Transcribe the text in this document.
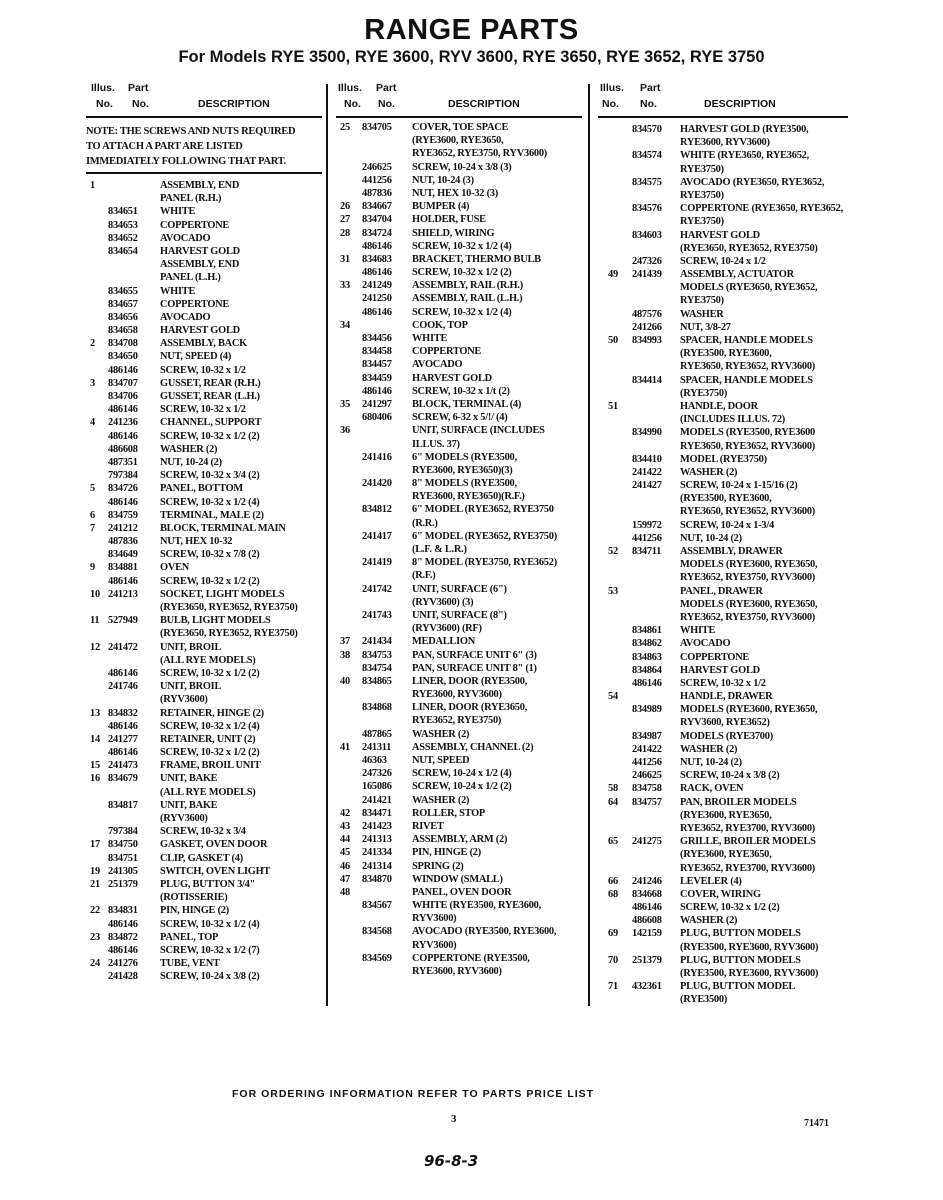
RANGE PARTS
For Models RYE 3500, RYE 3600, RYV 3600, RYE 3650, RYE 3652, RYE 3750
Illus. Part
No. No.	DESCRIPTION
NOTE: THE SCREWS AND NUTS REQUIRED
TO ATTACH A PART ARE LISTED
IMMEDIATELY FOLLOWING THAT PART.
1	ASSEMBLY, END
PANEL (R.H.)
834651 WHITE
834653 COPPERTONE
834652 AVOCADO
834654 HARVEST GOLD
ASSEMBLY, END
PANEL (L.H.)
834655 WHITE
834657 COPPERTONE
834656 AVOCADO
834658 HARVEST GOLD
2 834708 ASSEMBLY, BACK
834650 NUT, SPEED (4)
486146 SCREW, 10-32 x 1/2
3 834707 GUSSET, REAR (R.H.)
834706 GUSSET, REAR (L.H.)
486146 SCREW, 10-32 x 1/2
4 241236 CHANNEL, SUPPORT
486146 SCREW, 10-32 x 1/2 (2)
486608 WASHER (2)
487351 NUT, 10-24 (2)
797384 SCREW, 10-32 x 3/4 (2)
5 834726 PANEL, BOTTOM
486146 SCREW, 10-32 x 1/2 (4)
6 834759 TERMINAL, MALE (2)
7 241212 BLOCK, TERMINAL MAIN
487836 NUT, HEX 10-32
834649 SCREW, 10-32 x 7/8 (2)
9 834881 OVEN
486146 SCREW, 10-32 x 1/2 (2)
10 241213 SOCKET, LIGHT MODELS
(RYE3650, RYE3652, RYE3750)
11 527949 BULB, LIGHT MODELS
(RYE3650, RYE3652, RYE3750)
12 241472 UNIT, BROIL
(ALL RYE MODELS)
486146 SCREW, 10-32 x 1/2 (2)
241746 UNIT, BROIL
(RYV3600)
13 834832 RETAINER, HINGE (2)
486146 SCREW, 10-32 x 1/2 (4)
14 241277 RETAINER, UNIT (2)
486146 SCREW, 10-32 x 1/2 (2)
15 241473 FRAME, BROIL UNIT
16 834679 UNIT, BAKE
(ALL RYE MODELS)
834817 UNIT, BAKE
(RYV3600)
797384 SCREW, 10-32 x 3/4
17 834750 GASKET, OVEN DOOR
834751 CLIP, GASKET (4)
19 241305 SWITCH, OVEN LIGHT
21 251379 PLUG, BUTTON 3/4"
(ROTISSERIE)
22 834831 PIN, HINGE (2)
486146 SCREW, 10-32 x 1/2 (4)
23 834872 PANEL, TOP
486146 SCREW, 10-32 x 1/2 (7)
24 241276 TUBE, VENT
241428 SCREW, 10-24 x 3/8 (2)
Illus. Part
No. No.	DESCRIPTION
25 834705 COVER, TOE SPACE
(RYE3600, RYE3650,
RYE3652, RYE3750, RYV3600)
246625 SCREW, 10-24 x 3/8 (3)
441256 NUT, 10-24 (3)
487836 NUT, HEX 10-32 (3)
26 834667 BUMPER (4)
27 834704 HOLDER, FUSE
28 834724 SHIELD, WIRING
486146 SCREW, 10-32 x 1/2 (4)
31 834683 BRACKET, THERMO BULB
486146 SCREW, 10-32 x 1/2 (2)
33 241249 ASSEMBLY, RAIL (R.H.)
241250 ASSEMBLY, RAIL (L.H.)
486146 SCREW, 10-32 x 1/2 (4)
34	COOK, TOP
834456 WHITE
834458 COPPERTONE
834457 AVOCADO
834459 HARVEST GOLD
486146 SCREW, 10-32 x 1/t (2)
35 241297 BLOCK, TERMINAL (4)
680406 SCREW, 6-32 x 5/!/ (4)
36	UNIT, SURFACE (INCLUDES
ILLUS. 37)
241416 6" MODELS (RYE3500,
RYE3600, RYE3650)(3)
241420 8" MODELS (RYE3500,
RYE3600, RYE3650)(R.F.)
834812 6" MODEL (RYE3652, RYE3750
(R.R.)
241417 6" MODEL (RYE3652, RYE3750)
(L.F. & L.R.)
241419 8" MODEL (RYE3750, RYE3652)
(R.F.)
241742 UNIT, SURFACE (6")
(RYV3600) (3)
241743 UNIT, SURFACE (8")
(RYV3600) (RF)
37 241434 MEDALLION
38 834753 PAN, SURFACE UNIT 6" (3)
834754 PAN, SURFACE UNIT 8" (1)
40 834865 LINER, DOOR (RYE3500,
RYE3600, RYV3600)
834868 LINER, DOOR (RYE3650,
RYE3652, RYE3750)
487865 WASHER (2)
41 241311 ASSEMBLY, CHANNEL (2)
46363 NUT, SPEED
247326 SCREW, 10-24 x 1/2 (4)
165086 SCREW, 10-24 x 1/2 (2)
241421 WASHER (2)
42 834471 ROLLER, STOP
43 241423 RIVET
44 241313 ASSEMBLY, ARM (2)
45 241334 PIN, HINGE (2)
46 241314 SPRING (2)
47 834870 WINDOW (SMALL)
48	PANEL, OVEN DOOR
834567 WHITE (RYE3500, RYE3600,
RYV3600)
834568 AVOCADO (RYE3500, RYE3600,
RYV3600)
834569 COPPERTONE (RYE3500,
RYE3600, RYV3600)
Illus. Part
No. No.	DESCRIPTION
834570 HARVEST GOLD (RYE3500,
RYE3600, RYV3600)
834574 WHITE (RYE3650, RYE3652,
RYE3750)
834575 AVOCADO (RYE3650, RYE3652,
RYE3750)
834576 COPPERTONE (RYE3650, RYE3652,
RYE3750)
834603 HARVEST GOLD
(RYE3650, RYE3652, RYE3750)
247326 SCREW, 10-24 x 1/2
49 241439 ASSEMBLY, ACTUATOR
MODELS (RYE3650, RYE3652,
RYE3750)
487576 WASHER
241266 NUT, 3/8-27
50 834993 SPACER, HANDLE MODELS
(RYE3500, RYE3600,
RYE3650, RYE3652, RYV3600)
834414 SPACER, HANDLE MODELS
(RYE3750)
51	HANDLE, DOOR
(INCLUDES ILLUS. 72)
834990 MODELS (RYE3500, RYE3600
RYE3650, RYE3652, RYV3600)
834410 MODEL (RYE3750)
241422 WASHER (2)
241427 SCREW, 10-24 x 1-15/16 (2)
(RYE3500, RYE3600,
RYE3650, RYE3652, RYV3600)
159972 SCREW, 10-24 x 1-3/4
441256 NUT, 10-24 (2)
52 834711 ASSEMBLY, DRAWER
MODELS (RYE3600, RYE3650,
RYE3652, RYE3750, RYV3600)
53	PANEL, DRAWER
MODELS (RYE3600, RYE3650,
RYE3652, RYE3750, RYV3600)
834861 WHITE
834862 AVOCADO
834863 COPPERTONE
834864 HARVEST GOLD
486146 SCREW, 10-32 x 1/2
54	HANDLE, DRAWER
834989 MODELS (RYE3600, RYE3650,
RYV3600, RYE3652)
834987 MODELS (RYE3700)
241422 WASHER (2)
441256 NUT, 10-24 (2)
246625 SCREW, 10-24 x 3/8 (2)
58 834758 RACK, OVEN
64 834757 PAN, BROILER MODELS
(RYE3600, RYE3650,
RYE3652, RYE3700, RYV3600)
65 241275 GRILLE, BROILER MODELS
(RYE3600, RYE3650,
RYE3652, RYE3700, RYV3600)
66 241246 LEVELER (4)
68 834668 COVER, WIRING
486146 SCREW, 10-32 x 1/2 (2)
486608 WASHER (2)
69 142159 PLUG, BUTTON MODELS
(RYE3500, RYE3600, RYV3600)
70 251379 PLUG, BUTTON MODELS
(RYE3500, RYE3600, RYV3600)
71 432361 PLUG, BUTTON MODEL
(RYE3500)
FOR ORDERING INFORMATION REFER TO PARTS PRICE LIST
3	71471
96-8-3
